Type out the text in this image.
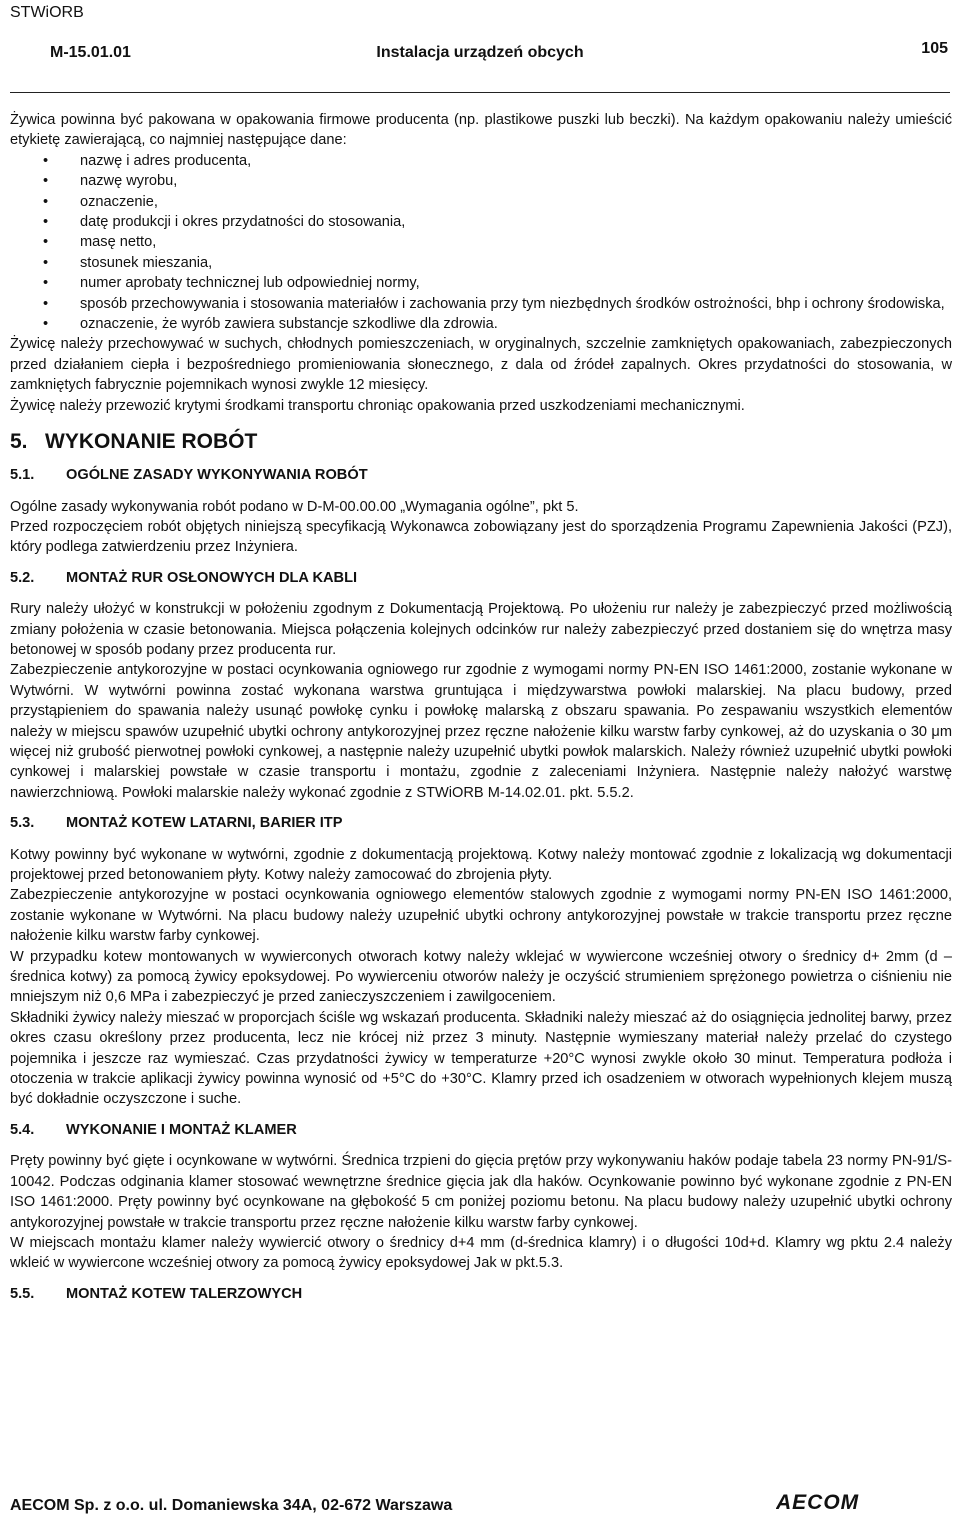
STWiORB
M-15.01.01	Instalacja urządzeń obcych	105

Żywica powinna być pakowana w opakowania firmowe producenta (np. plastikowe puszki lub beczki). Na każdym opakowaniu należy umieścić etykietę zawierającą, co najmniej następujące dane:

• nazwę i adres producenta,
• nazwę wyrobu,
• oznaczenie,
• datę produkcji i okres przydatności do stosowania,
• masę netto,
• stosunek mieszania,
• numer aprobaty technicznej lub odpowiedniej normy,
• sposób przechowywania i stosowania materiałów i zachowania przy tym niezbędnych środków ostrożności, bhp i ochrony środowiska,
• oznaczenie, że wyrób zawiera substancje szkodliwe dla zdrowia.

Żywicę należy przechowywać w suchych, chłodnych pomieszczeniach, w oryginalnych, szczelnie zamkniętych opakowaniach, zabezpieczonych przed działaniem ciepła i bezpośredniego promieniowania słonecznego, z dala od źródeł zapalnych. Okres przydatności do stosowania, w zamkniętych fabrycznie pojemnikach wynosi zwykle 12 miesięcy.

Żywicę należy przewozić krytymi środkami transportu chroniąc opakowania przed uszkodzeniami mechanicznymi.

5.   WYKONANIE ROBÓT
5.1. OGÓLNE ZASADY WYKONYWANIA ROBÓT

Ogólne zasady wykonywania robót podano w D-M-00.00.00 „Wymagania ogólne”, pkt 5.

Przed rozpoczęciem robót objętych niniejszą specyfikacją Wykonawca zobowiązany jest do sporządzenia Programu Zapewnienia Jakości (PZJ), który podlega zatwierdzeniu przez Inżyniera.

5.2. MONTAŻ RUR OSŁONOWYCH DLA KABLI

Rury należy ułożyć w konstrukcji w położeniu zgodnym z Dokumentacją Projektową. Po ułożeniu rur należy je zabezpieczyć przed możliwością zmiany położenia w czasie betonowania. Miejsca połączenia kolejnych odcinków rur należy zabezpieczyć przed dostaniem się do wnętrza masy betonowej w sposób podany przez producenta rur.

Zabezpieczenie antykorozyjne w postaci ocynkowania ogniowego rur zgodnie z wymogami normy PN-EN ISO 1461:2000, zostanie wykonane w Wytwórni. W wytwórni powinna zostać wykonana warstwa gruntująca i międzywarstwa powłoki malarskiej. Na placu budowy, przed przystąpieniem do spawania należy usunąć powłokę cynku i powłokę malarską z obszaru spawania. Po zespawaniu wszystkich elementów należy w miejscu spawów uzupełnić ubytki ochrony antykorozyjnej przez ręczne nałożenie kilku warstw farby cynkowej, aż do uzyskania o 30 μm więcej niż grubość pierwotnej powłoki cynkowej, a następnie należy uzupełnić ubytki powłok malarskich. Należy również uzupełnić ubytki powłoki cynkowej i malarskiej powstałe w czasie transportu i montażu, zgodnie z zaleceniami Inżyniera. Następnie należy nałożyć warstwę nawierzchniową. Powłoki malarskie należy wykonać zgodnie z STWiORB M-14.02.01. pkt. 5.5.2.

5.3. MONTAŻ KOTEW LATARNI, BARIER ITP

Kotwy powinny być wykonane w wytwórni, zgodnie z dokumentacją projektową. Kotwy należy montować zgodnie z lokalizacją wg dokumentacji projektowej przed betonowaniem płyty. Kotwy należy zamocować do zbrojenia płyty.

Zabezpieczenie antykorozyjne w postaci ocynkowania ogniowego elementów stalowych zgodnie z wymogami normy PN-EN ISO 1461:2000, zostanie wykonane w Wytwórni. Na placu budowy należy uzupełnić ubytki ochrony antykorozyjnej powstałe w trakcie transportu przez ręczne nałożenie kilku warstw farby cynkowej.

W przypadku kotew montowanych w wywierconych otworach kotwy należy wklejać w wywiercone wcześniej otwory o średnicy d+ 2mm (d – średnica kotwy) za pomocą żywicy epoksydowej. Po wywierceniu otworów należy je oczyścić strumieniem sprężonego powietrza o ciśnieniu nie mniejszym niż 0,6 MPa i zabezpieczyć je przed zanieczyszczeniem i zawilgoceniem.

Składniki żywicy należy mieszać w proporcjach ściśle wg wskazań producenta. Składniki należy mieszać aż do osiągnięcia jednolitej barwy, przez okres czasu określony przez producenta, lecz nie krócej niż przez 3 minuty. Następnie wymieszany materiał należy przelać do czystego pojemnika i jeszcze raz wymieszać. Czas przydatności żywicy w temperaturze +20°C wynosi zwykle około 30 minut. Temperatura podłoża i otoczenia w trakcie aplikacji żywicy powinna wynosić od +5°C do +30°C. Klamry przed ich osadzeniem w otworach wypełnionych klejem muszą być dokładnie oczyszczone i suche.

5.4. WYKONANIE I MONTAŻ KLAMER

Pręty powinny być gięte i ocynkowane w wytwórni. Średnica trzpieni do gięcia prętów przy wykonywaniu haków podaje tabela 23 normy PN-91/S-10042. Podczas odginania klamer stosować wewnętrzne średnice gięcia jak dla haków. Ocynkowanie powinno być wykonane zgodnie z PN-EN ISO 1461:2000. Pręty powinny być ocynkowane na głębokość 5 cm poniżej poziomu betonu. Na placu budowy należy uzupełnić ubytki ochrony antykorozyjnej powstałe w trakcie transportu przez ręczne nałożenie kilku warstw farby cynkowej.

W miejscach montażu klamer należy wywiercić otwory o średnicy d+4 mm (d-średnica klamry) i o długości 10d+d. Klamry wg pktu 2.4 należy wkleić w wywiercone wcześniej otwory za pomocą żywicy epoksydowej Jak w pkt.5.3.

5.5. MONTAŻ KOTEW TALERZOWYCH
AECOM Sp. z o.o. ul. Domaniewska 34A, 02-672 Warszawa	AECOM
